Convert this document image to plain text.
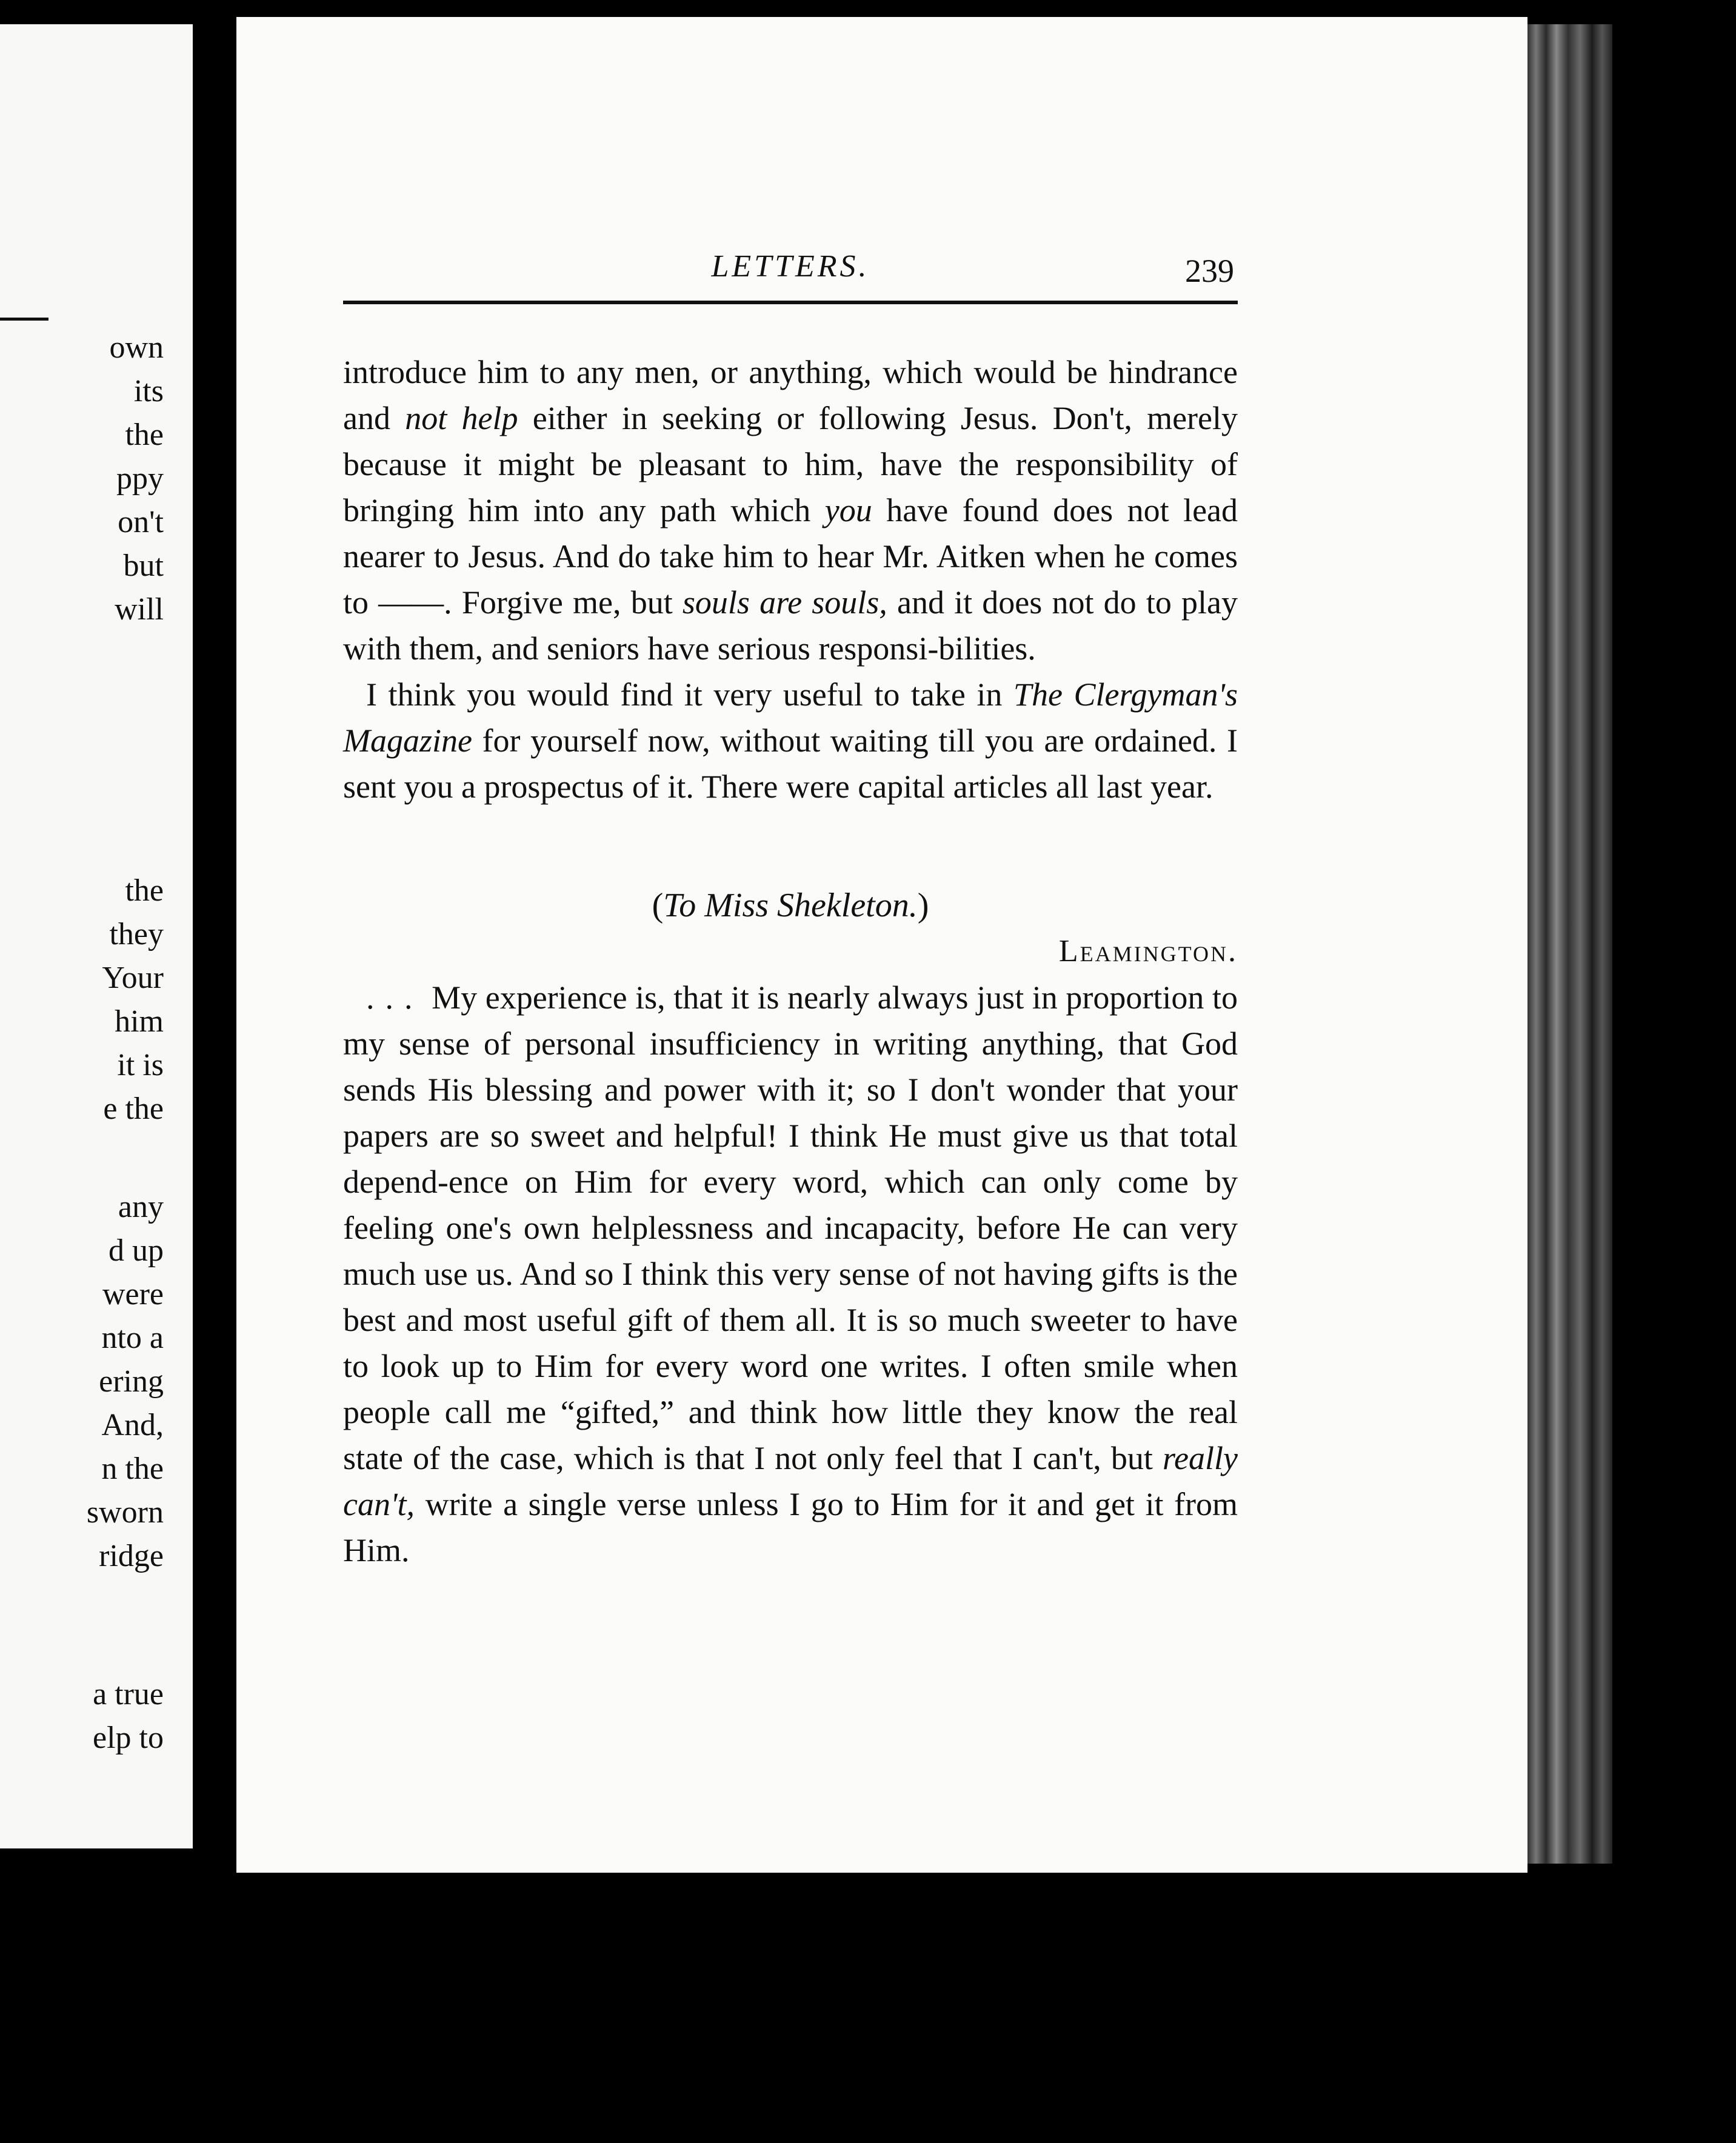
own
its
the
ppy
on't
but
will
the
they
Your
him
it is
e the
any
d up
were
nto a
ering
And,
n the
sworn
ridge
a true
elp to
LETTERS.	239

introduce him to any men, or anything, which would be hindrance and not help either in seeking or following Jesus. Don't, merely because it might be pleasant to him, have the responsibility of bringing him into any path which you have found does not lead nearer to Jesus. And do take him to hear Mr. Aitken when he comes to ——. Forgive me, but souls are souls, and it does not do to play with them, and seniors have serious responsi-bilities.

I think you would find it very useful to take in The Clergyman's Magazine for yourself now, without waiting till you are ordained. I sent you a prospectus of it. There were capital articles all last year.

(To Miss Shekleton.)

Leamington.

... My experience is, that it is nearly always just in proportion to my sense of personal insufficiency in writing anything, that God sends His blessing and power with it; so I don't wonder that your papers are so sweet and helpful! I think He must give us that total depend-ence on Him for every word, which can only come by feeling one's own helplessness and incapacity, before He can very much use us. And so I think this very sense of not having gifts is the best and most useful gift of them all. It is so much sweeter to have to look up to Him for every word one writes. I often smile when people call me “gifted,” and think how little they know the real state of the case, which is that I not only feel that I can't, but really can't, write a single verse unless I go to Him for it and get it from Him.
